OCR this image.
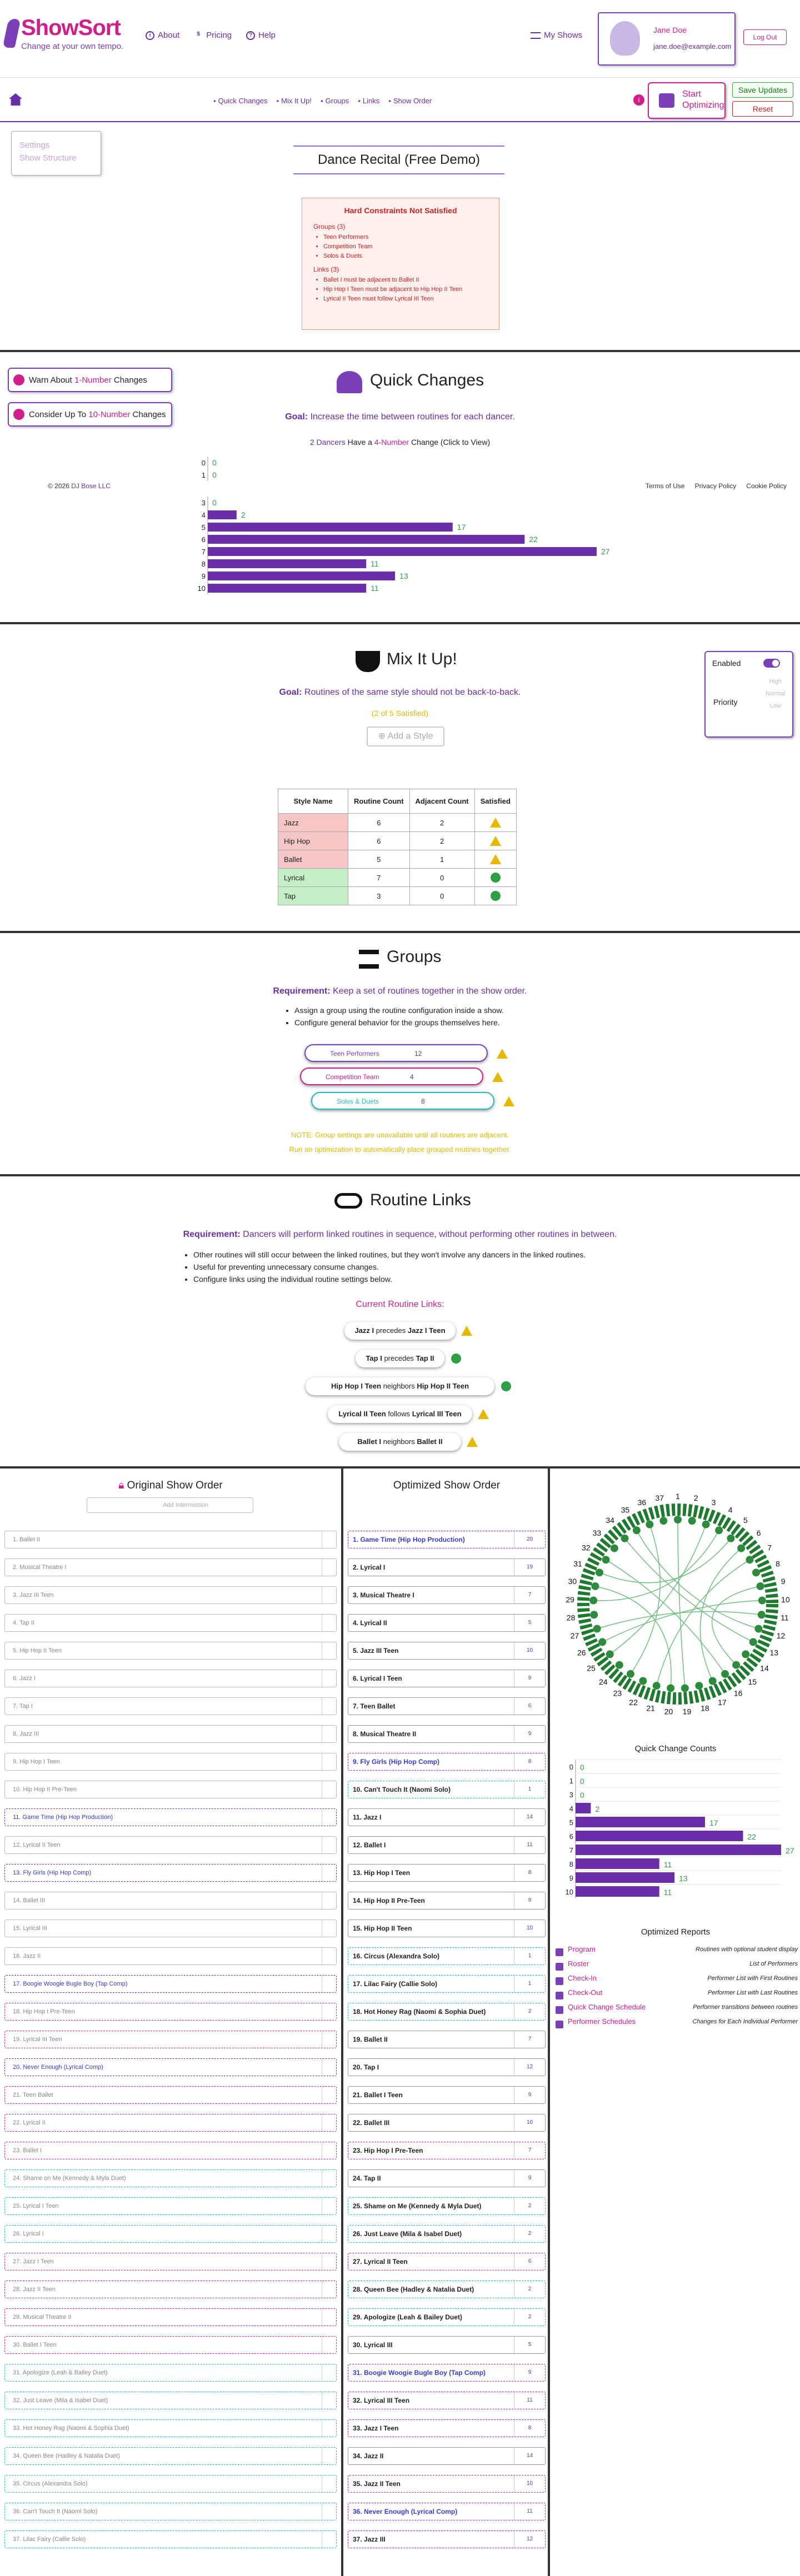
ShowSort
Change at your own tempo.
i About	$ Pricing	? Help	My Shows
Jane Doe
jane.doe@example.com
Log Out
▪ Quick Changes	▪ Mix It Up!	▪ Groups	▪ Links	▪ Show Order	i
Start Optimizing
Save Updates
Reset
Settings
Show Structure	Dance Recital (Free Demo)
Hard Constraints Not Satisfied
Groups (3)
• Teen Performers
• Competition Team
• Solos & Duets
Links (3)
• Ballet I must be adjacent to Ballet II
• Hip Hop I Teen must be adjacent to Hip Hop II Teen
• Lyrical II Teen must follow Lyrical III Teen
Warn About 1-Number Changes
Consider Up To 10-Number Changes
Quick Changes
Goal: Increase the time between routines for each dancer.
2 Dancers Have a 4-Number Change (Click to View)
0 0
1 0
3 0
4	2
5	17
6	22
7	27
8	11
9	13
10	11
© 2026 DJ Bose LLC	Terms of Use Privacy Policy Cookie Policy
Mix It Up!
Goal: Routines of the same style should not be back-to-back.
(2 of 5 Satisfied)
⊕ Add a Style
Style Name	Routine Count	Adjacent Count	Satisfied
Jazz	6	2	
Hip Hop	6	2	
Ballet	5	1	
Lyrical	7	0	
Tap	3	0	
Enabled
Priority
High
Normal
Low
Groups
Requirement: Keep a set of routines together in the show order.
• Assign a group using the routine configuration inside a show.
• Configure general behavior for the groups themselves here.
Teen Performers	12
Competition Team	4
Solos & Duets	8
NOTE: Group settings are unavailable until all routines are adjacent.
Run an optimization to automatically place grouped routines together.
Routine Links
Requirement: Dancers will perform linked routines in sequence, without performing other routines in between.
• Other routines will still occur between the linked routines, but they won't involve any dancers in the linked routines.
• Useful for preventing unnecessary consume changes.
• Configure links using the individual routine settings below.
Current Routine Links:
Jazz I precedes Jazz I Teen
Tap I precedes Tap II
Hip Hop I Teen neighbors Hip Hop II Teen
Lyrical II Teen follows Lyrical III Teen
Ballet I neighbors Ballet II
🔒︎ Original Show Order
Add Intermission
Optimized Show Order
1. Ballet II
2. Musical Theatre I
3. Jazz III Teen
4. Tap II
5. Hip Hop II Teen
6. Jazz I
7. Tap I
8. Jazz III
9. Hip Hop I Teen
10. Hip Hop II Pre-Teen
11. Game Time (Hip Hop Production)
12. Lyrical II Teen
13. Fly Girls (Hip Hop Comp)
14. Ballet III
15. Lyrical III
16. Jazz II
17. Boogie Woogie Bugle Boy (Tap Comp)
18. Hip Hop I Pre-Teen
19. Lyrical III Teen
20. Never Enough (Lyrical Comp)
21. Teen Ballet
22. Lyrical II
23. Ballet I
24. Shame on Me (Kennedy & Myla Duet)
25. Lyrical I Teen
26. Lyrical I
27. Jazz I Teen
28. Jazz II Teen
29. Musical Theatre II
30. Ballet I Teen
31. Apologize (Leah & Bailey Duet)
32. Just Leave (Mila & Isabel Duet)
33. Hot Honey Rag (Naomi & Sophia Duet)
34. Queen Bee (Hadley & Natalia Duet)
35. Circus (Alexandra Solo)
36. Can't Touch It (Naomi Solo)
37. Lilac Fairy (Callie Solo)
1. Game Time (Hip Hop Production)	20
2. Lyrical I	19
3. Musical Theatre I	7
4. Lyrical II	5
5. Jazz III Teen	10
6. Lyrical I Teen	9
7. Teen Ballet	6
8. Musical Theatre II	9
9. Fly Girls (Hip Hop Comp)	8
10. Can't Touch It (Naomi Solo)	1
11. Jazz I	14
12. Ballet I	11
13. Hip Hop I Teen	8
14. Hip Hop II Pre-Teen	9
15. Hip Hop II Teen	10
16. Circus (Alexandra Solo)	1
17. Lilac Fairy (Callie Solo)	1
18. Hot Honey Rag (Naomi & Sophia Duet)	2
19. Ballet II	7
20. Tap I	12
21. Ballet I Teen	9
22. Ballet III	10
23. Hip Hop I Pre-Teen	7
24. Tap II	9
25. Shame on Me (Kennedy & Myla Duet)	2
26. Just Leave (Mila & Isabel Duet)	2
27. Lyrical II Teen	6
28. Queen Bee (Hadley & Natalia Duet)	2
29. Apologize (Leah & Bailey Duet)	2
30. Lyrical III	5
31. Boogie Woogie Bugle Boy (Tap Comp)	9
32. Lyrical III Teen	11
33. Jazz I Teen	8
34. Jazz II	14
35. Jazz II Teen	10
36. Never Enough (Lyrical Comp)	11
37. Jazz III	12
1 2
3
4
5
6
7
8
9
10
11
12
13
14
15
16
17
18
19
20
21
22
23
24
25
26
27
28
29
30
31
32
33
34
35
36
37
Quick Change Counts
0 0
1 0
3 0
4	2
5	17
6	22
7	27
8	11
9	13
10	11
Optimized Reports
Program	Routines with optional student display
Roster	List of Performers
Check-In	Performer List with First Routines
Check-Out	Performer List with Last Routines
Quick Change Schedule	Performer transitions between routines
Performer Schedules	Changes for Each Individual Performer
